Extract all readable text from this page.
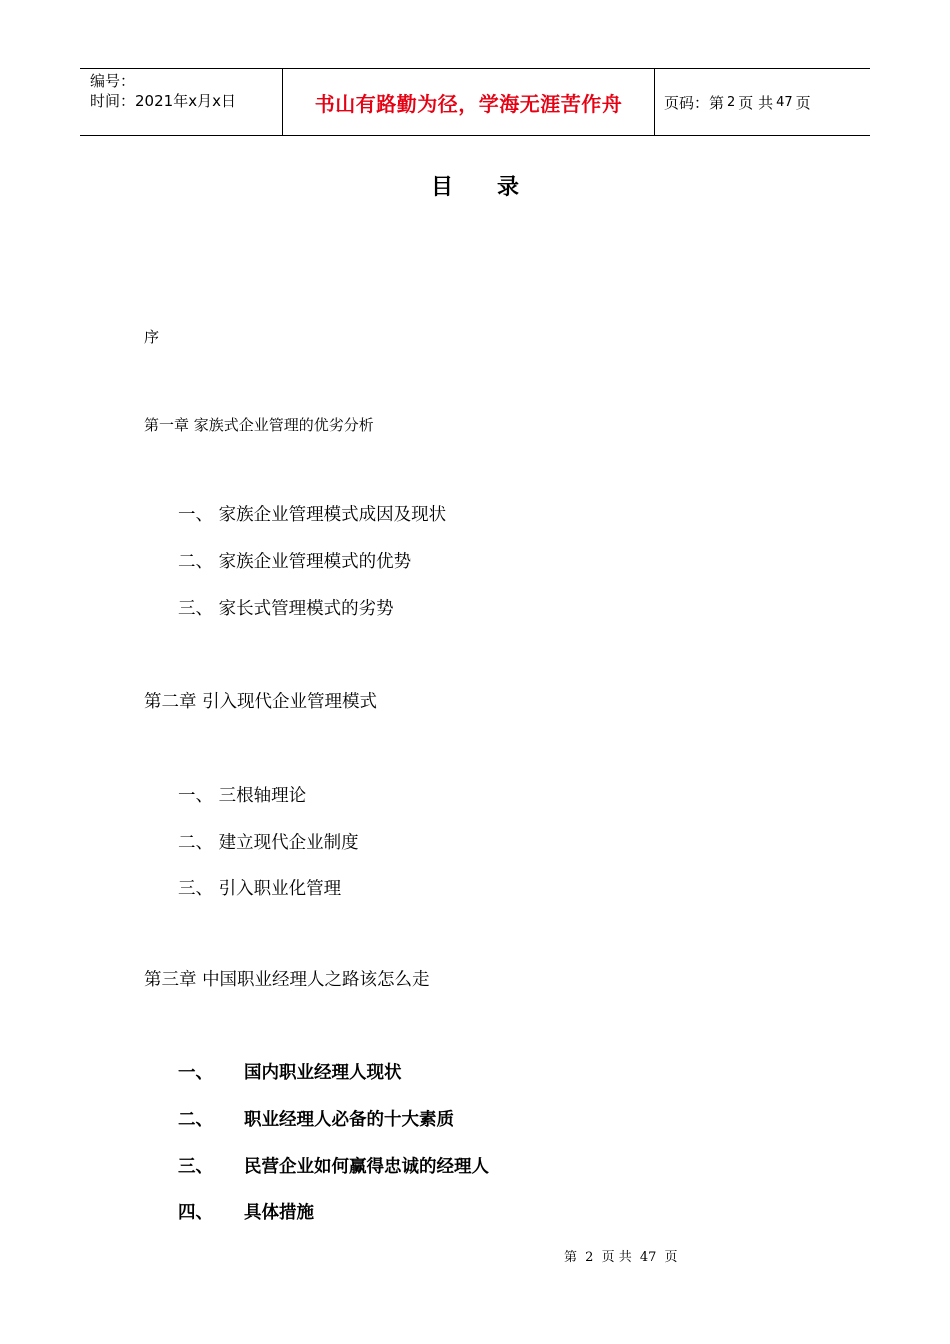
编号：
时间：2021年x月x日	书山有路勤为径，学海无涯苦作舟	页码：第 2 页 共 47 页
目录
序
第一章 家族式企业管理的优劣分析
一、 家族企业管理模式成因及现状
二、 家族企业管理模式的优势
三、 家长式管理模式的劣势
第二章 引入现代企业管理模式
一、 三根轴理论
二、 建立现代企业制度
三、 引入职业化管理
第三章 中国职业经理人之路该怎么走
一、 国内职业经理人现状
二、 职业经理人必备的十大素质
三、 民营企业如何赢得忠诚的经理人
四、 具体措施
第 2 页 共 47 页
